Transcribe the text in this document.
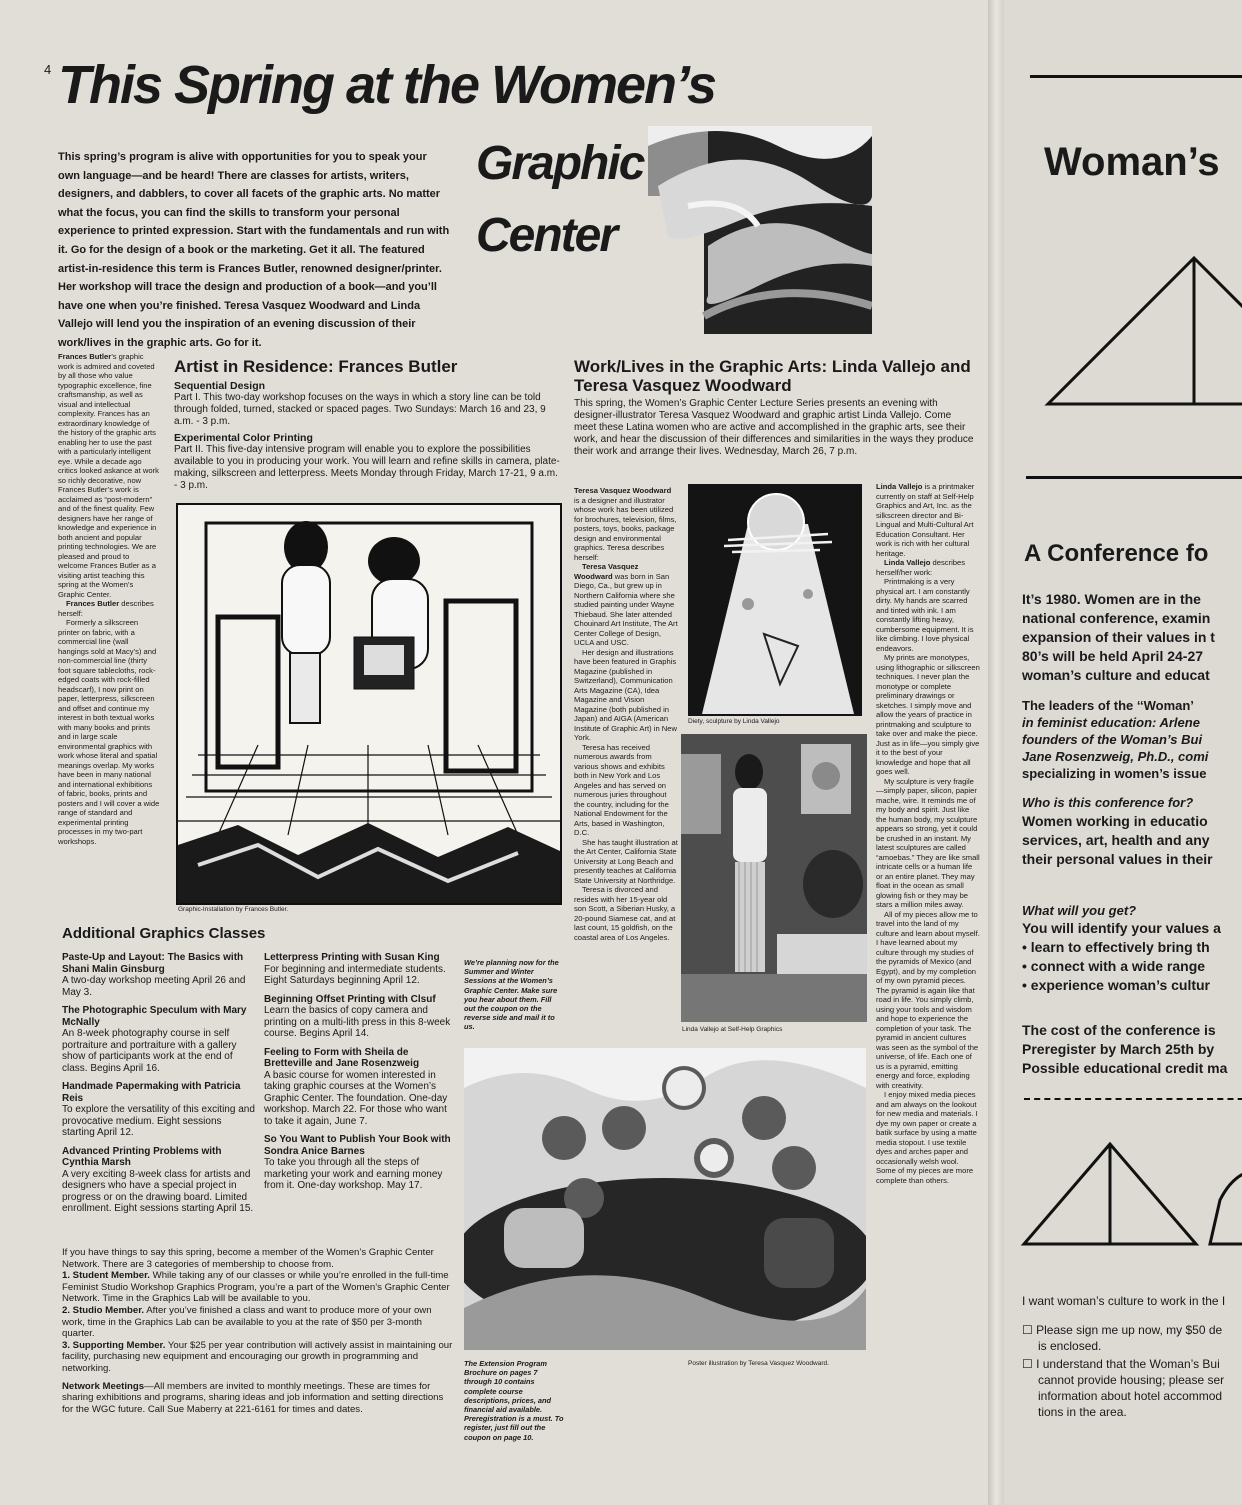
4 This Spring at the Women’s
Graphic
Center
This spring’s program is alive with opportunities for you to speak your own language—and be heard! There are classes for artists, writers, designers, and dabblers, to cover all facets of the graphic arts. No matter what the focus, you can find the skills to transform your personal experience to printed expression. Start with the fundamentals and run with it. Go for the design of a book or the marketing. Get it all. The featured artist-in-residence this term is Frances Butler, renowned designer/printer. Her workshop will trace the design and production of a book—and you’ll have one when you’re finished. Teresa Vasquez Woodward and Linda Vallejo will lend you the inspiration of an evening discussion of their work/lives in the graphic arts. Go for it.

Frances Butler’s graphic work is admired and coveted by all those who value typographic excellence, fine craftsmanship, as well as visual and intellectual complexity. Frances has an extraordinary knowledge of the history of the graphic arts enabling her to use the past with a particularly intelligent eye. While a decade ago critics looked askance at work so richly decorative, now Frances Butler’s work is acclaimed as “post-modern” and of the finest quality. Few designers have her range of knowledge and experience in both ancient and popular printing technologies. We are pleased and proud to welcome Frances Butler as a visiting artist teaching this spring at the Women’s Graphic Center.

Frances Butler describes herself:

Formerly a silkscreen printer on fabric, with a commercial line (wall hangings sold at Macy’s) and non-commercial line (thirty foot square tablecloths, rock-edged coats with rock-filled headscarf), I now print on paper, letterpress, silkscreen and offset and continue my interest in both textual works with many books and prints and in large scale environmental graphics with work whose literal and spatial meanings overlap. My works have been in many national and international exhibitions of fabric, books, prints and posters and I will cover a wide range of standard and experimental printing processes in my two-part workshops.

Artist in Residence: Frances Butler
Sequential Design
Part I. This two-day workshop focuses on the ways in which a story line can be told through folded, turned, stacked or spaced pages. Two Sundays: March 16 and 23, 9 a.m. - 3 p.m.
Experimental Color Printing
Part II. This five-day intensive program will enable you to explore the possibilities available to you in producing your work. You will learn and refine skills in camera, plate-making, silkscreen and letterpress. Meets Monday through Friday, March 17-21, 9 a.m. - 3 p.m.
Graphic-Installation by Frances Butler.
Work/Lives in the Graphic Arts: Linda Vallejo and Teresa Vasquez Woodward
This spring, the Women’s Graphic Center Lecture Series presents an evening with designer-illustrator Teresa Vasquez Woodward and graphic artist Linda Vallejo. Come meet these Latina women who are active and accomplished in the graphic arts, see their work, and hear the discussion of their differences and similarities in the ways they produce their work and arrange their lives. Wednesday, March 26, 7 p.m.

Teresa Vasquez Woodward is a designer and illustrator whose work has been utilized for brochures, television, films, posters, toys, books, package design and environmental graphics. Teresa describes herself:

Teresa Vasquez Woodward was born in San Diego, Ca., but grew up in Northern California where she studied painting under Wayne Thiebaud. She later attended Chouinard Art Institute, The Art Center College of Design, UCLA and USC.

Her design and illustrations have been featured in Graphis Magazine (published in Switzerland), Communication Arts Magazine (CA), Idea Magazine and Vision Magazine (both published in Japan) and AIGA (American Institute of Graphic Art) in New York.

Teresa has received numerous awards from various shows and exhibits both in New York and Los Angeles and has served on numerous juries throughout the country, including for the National Endowment for the Arts, based in Washington, D.C.

She has taught illustration at the Art Center, California State University at Long Beach and presently teaches at California State University at Northridge.

Teresa is divorced and resides with her 15-year old son Scott, a Siberian Husky, a 20-pound Siamese cat, and at last count, 15 goldfish, on the coastal area of Los Angeles.

Diety, sculpture by Linda Vallejo
Linda Vallejo at Self-Help Graphics

Linda Vallejo is a printmaker currently on staff at Self-Help Graphics and Art, Inc. as the silkscreen director and Bi-Lingual and Multi-Cultural Art Education Consultant. Her work is rich with her cultural heritage.

Linda Vallejo describes herself/her work:

Printmaking is a very physical art. I am constantly dirty. My hands are scarred and tinted with ink. I am constantly lifting heavy, cumbersome equipment. It is like climbing. I love physical endeavors.

My prints are monotypes, using lithographic or silkscreen techniques. I never plan the monotype or complete preliminary drawings or sketches. I simply move and allow the years of practice in printmaking and sculpture to take over and make the piece. Just as in life—you simply give it to the best of your knowledge and hope that all goes well.

My sculpture is very fragile—simply paper, silicon, papier mache, wire. It reminds me of my body and spirit. Just like the human body, my sculpture appears so strong, yet it could be crushed in an instant. My latest sculptures are called “amoebas.” They are like small intricate cells or a human life or an entire planet. They may float in the ocean as small glowing fish or they may be stars a million miles away.

All of my pieces allow me to travel into the land of my culture and learn about myself. I have learned about my culture through my studies of the pyramids of Mexico (and Egypt), and by my completion of my own pyramid pieces. The pyramid is again like that road in life. You simply climb, using your tools and wisdom and hope to experience the completion of your task. The pyramid in ancient cultures was seen as the symbol of the universe, of life. Each one of us is a pyramid, emitting energy and force, exploding with creativity.

I enjoy mixed media pieces and am always on the lookout for new media and materials. I dye my own paper or create a batik surface by using a matte media stopout. I use textile dyes and arches paper and occasionally welsh wool. Some of my pieces are more complete than others.

Additional Graphics Classes

Paste-Up and Layout: The Basics with Shani Malin Ginsburg

A two-day workshop meeting April 26 and May 3.

The Photographic Speculum with Mary McNally

An 8-week photography course in self portraiture and portraiture with a gallery show of participants work at the end of class. Begins April 16.

Handmade Papermaking with Patricia Reis

To explore the versatility of this exciting and provocative medium. Eight sessions starting April 12.

Advanced Printing Problems with Cynthia Marsh

A very exciting 8-week class for artists and designers who have a special project in progress or on the drawing board. Limited enrollment. Eight sessions starting April 15.

Letterpress Printing with Susan King

For beginning and intermediate students. Eight Saturdays beginning April 12.

Beginning Offset Printing with Clsuf

Learn the basics of copy camera and printing on a multi-lith press in this 8-week course. Begins April 14.

Feeling to Form with Sheila de Bretteville and Jane Rosenzweig

A basic course for women interested in taking graphic courses at the Women’s Graphic Center. The foundation. One-day workshop. March 22. For those who want to take it again, June 7.

So You Want to Publish Your Book with Sondra Anice Barnes

To take you through all the steps of marketing your work and earning money from it. One-day workshop. May 17.

We’re planning now for the Summer and Winter Sessions at the Women’s Graphic Center. Make sure you hear about them. Fill out the coupon on the reverse side and mail it to us.
If you have things to say this spring, become a member of the Women’s Graphic Center Network. There are 3 categories of membership to choose from.
1. Student Member. While taking any of our classes or while you’re enrolled in the full-time Feminist Studio Workshop Graphics Program, you’re a part of the Women’s Graphic Center Network. Time in the Graphics Lab will be available to you.
2. Studio Member. After you’ve finished a class and want to produce more of your own work, time in the Graphics Lab can be available to you at the rate of $50 per 3-month quarter.
3. Supporting Member. Your $25 per year contribution will actively assist in maintaining our facility, purchasing new equipment and encouraging our growth in programming and networking.
Network Meetings—All members are invited to monthly meetings. These are times for sharing exhibitions and programs, sharing ideas and job information and setting directions for the WGC future. Call Sue Maberry at 221-6161 for times and dates.
The Extension Program Brochure on pages 7 through 10 contains complete course descriptions, prices, and financial aid available. Preregistration is a must. To register, just fill out the coupon on page 10.
Poster illustration by Teresa Vasquez Woodward.
Woman’s
A Conference fo
It’s 1980. Women are in the
national conference, examin
expansion of their values in t
80’s will be held April 24-27
woman’s culture and educat
The leaders of the ‘‘Woman’
in feminist education: Arlene
founders of the Woman’s Bui
Jane Rosenzweig, Ph.D., comi
specializing in women’s issue
Who is this conference for?
Women working in educatio
services, art, health and any
their personal values in their
What will you get?
You will identify your values a
• learn to effectively bring th
• connect with a wide range
• experience woman’s cultur
The cost of the conference is
Preregister by March 25th by
Possible educational credit ma
I want woman’s culture to work in the I
☐ Please sign me up now, my $50 de
is enclosed.
☐ I understand that the Woman’s Bui
cannot provide housing; please ser
information about hotel accommod
tions in the area.
